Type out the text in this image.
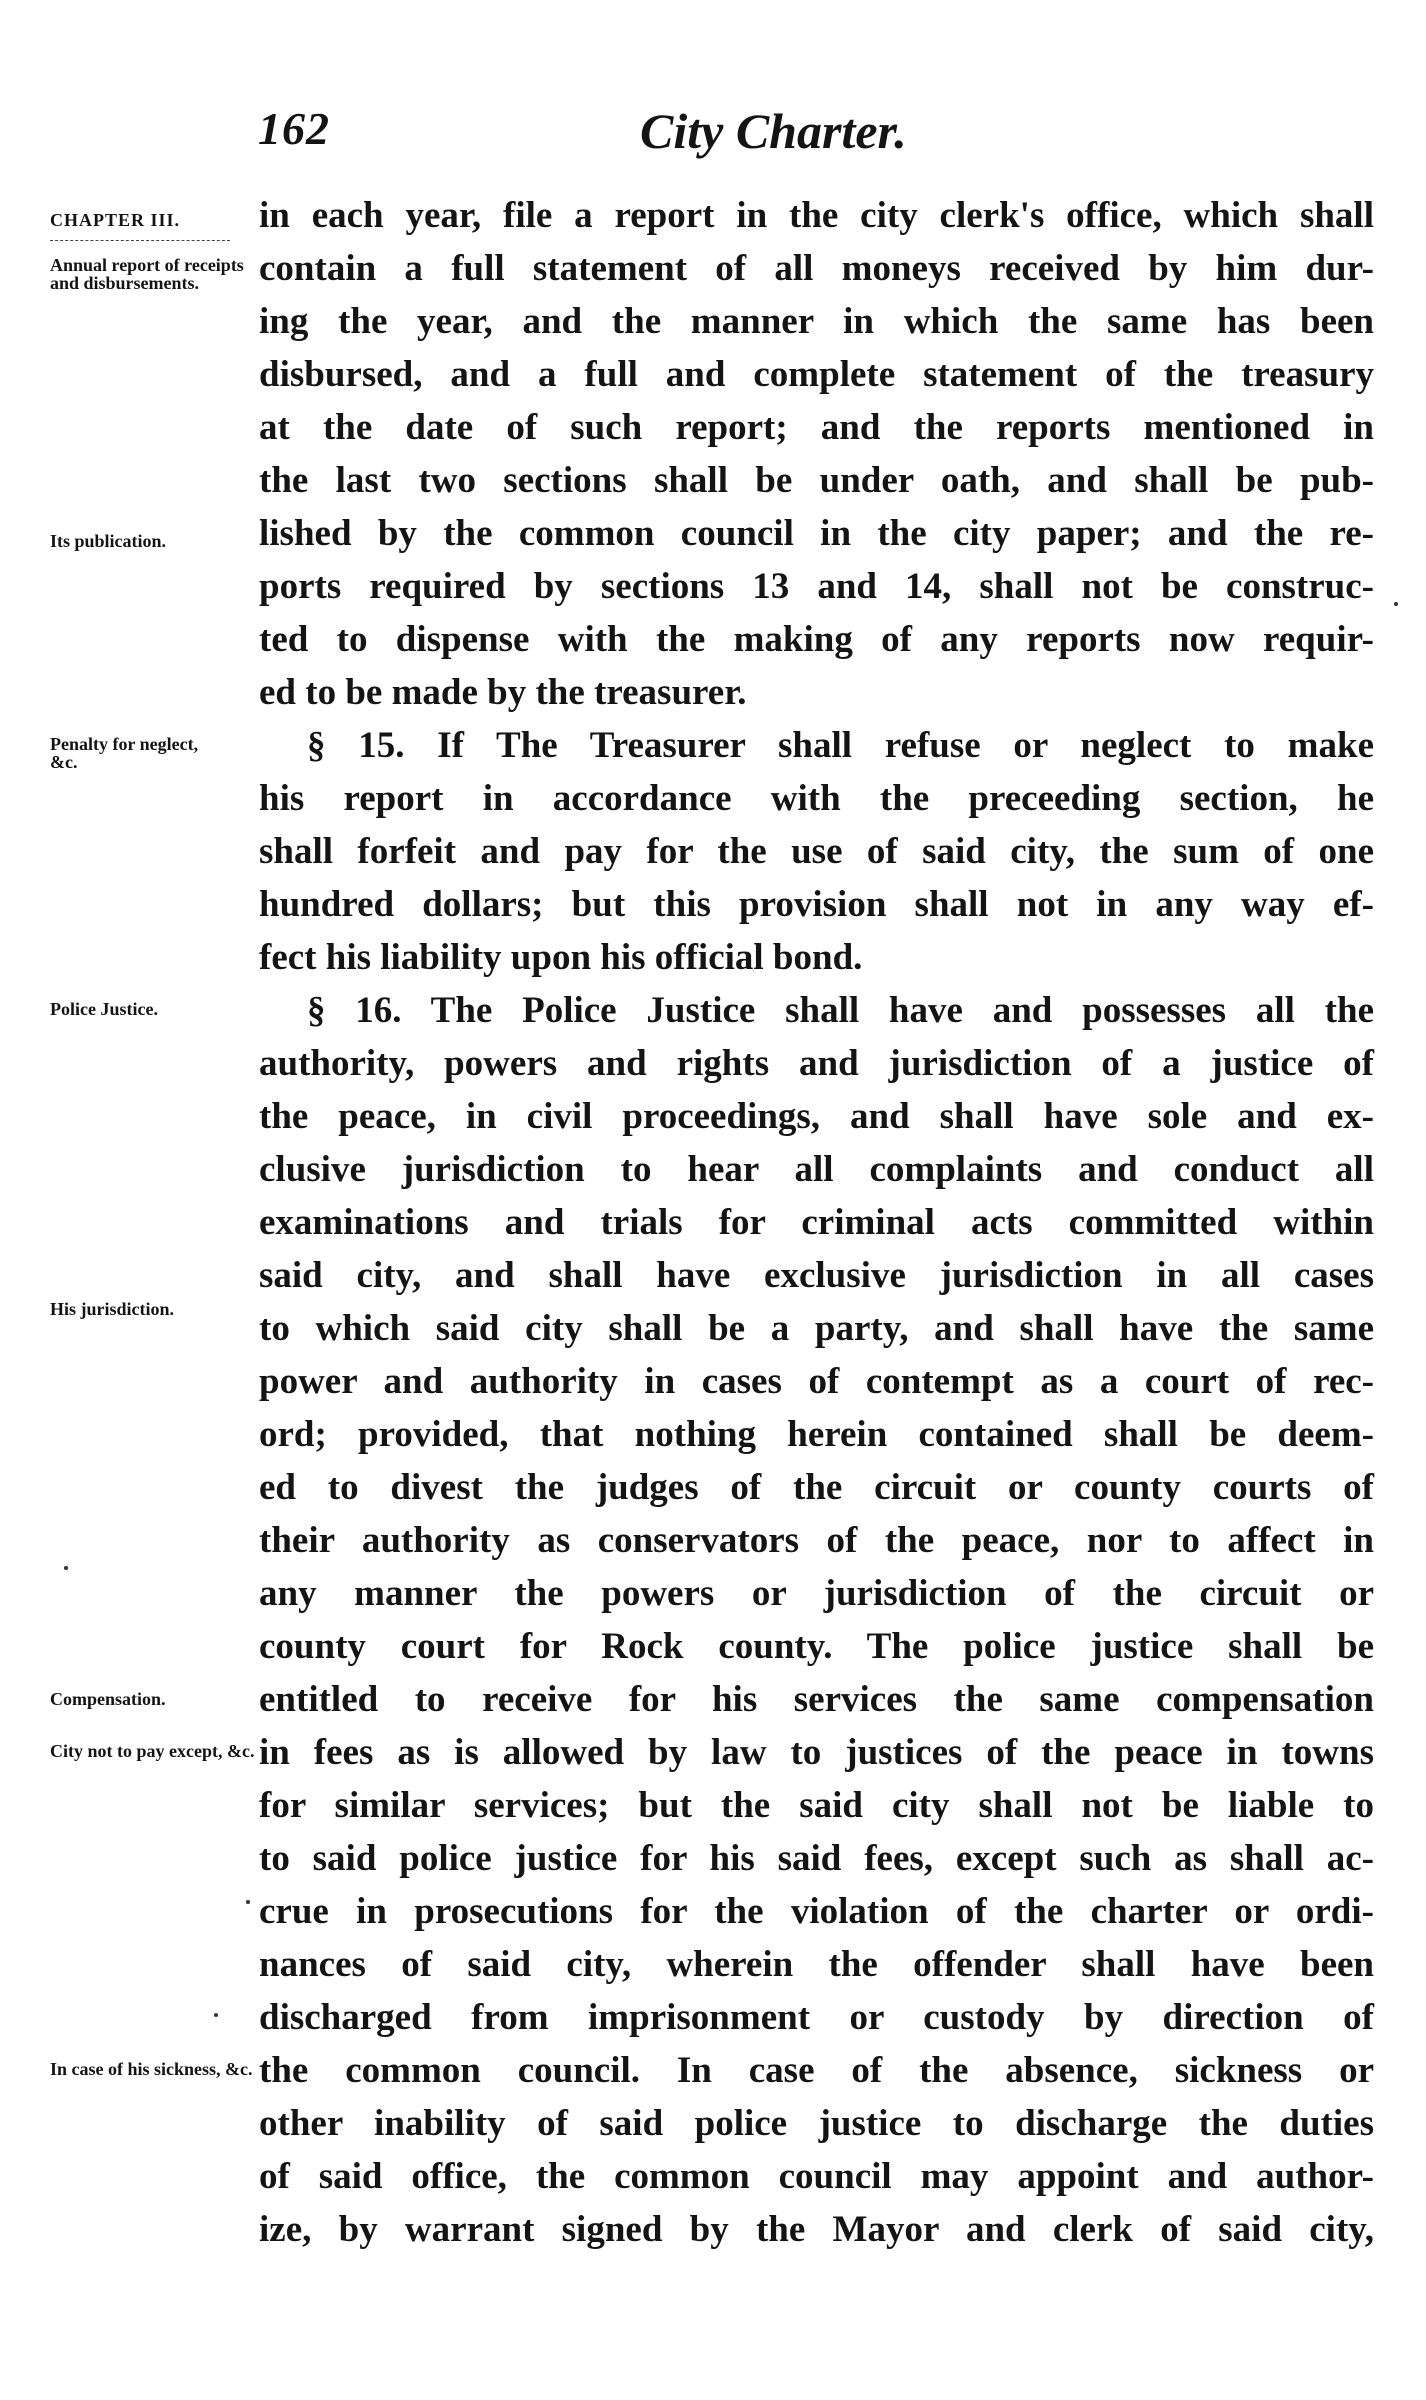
162	City Charter.
CHAPTER III.
Annual report of receipts and disbursements.
Its publication.
Penalty for neglect, &c.
Police Justice.
His jurisdiction.
Compensation.
City not to pay except, &c.
In case of his sickness, &c.
in each year, file a report in the city clerk's office, which shall
contain a full statement of all moneys received by him dur-
ing the year, and the manner in which the same has been
disbursed, and a full and complete statement of the treasury
at the date of such report; and the reports mentioned in
the last two sections shall be under oath, and shall be pub-
lished by the common council in the city paper; and the re-
ports required by sections 13 and 14, shall not be construc-
ted to dispense with the making of any reports now requir-
ed to be made by the treasurer.
§ 15. If The Treasurer shall refuse or neglect to make
his report in accordance with the preceeding section, he
shall forfeit and pay for the use of said city, the sum of one
hundred dollars; but this provision shall not in any way ef-
fect his liability upon his official bond.
§ 16. The Police Justice shall have and possesses all the
authority, powers and rights and jurisdiction of a justice of
the peace, in civil proceedings, and shall have sole and ex-
clusive jurisdiction to hear all complaints and conduct all
examinations and trials for criminal acts committed within
said city, and shall have exclusive jurisdiction in all cases
to which said city shall be a party, and shall have the same
power and authority in cases of contempt as a court of rec-
ord; provided, that nothing herein contained shall be deem-
ed to divest the judges of the circuit or county courts of
their authority as conservators of the peace, nor to affect in
any manner the powers or jurisdiction of the circuit or
county court for Rock county. The police justice shall be
entitled to receive for his services the same compensation
in fees as is allowed by law to justices of the peace in towns
for similar services; but the said city shall not be liable to
to said police justice for his said fees, except such as shall ac-
crue in prosecutions for the violation of the charter or ordi-
nances of said city, wherein the offender shall have been
discharged from imprisonment or custody by direction of
the common council. In case of the absence, sickness or
other inability of said police justice to discharge the duties
of said office, the common council may appoint and author-
ize, by warrant signed by the Mayor and clerk of said city,
